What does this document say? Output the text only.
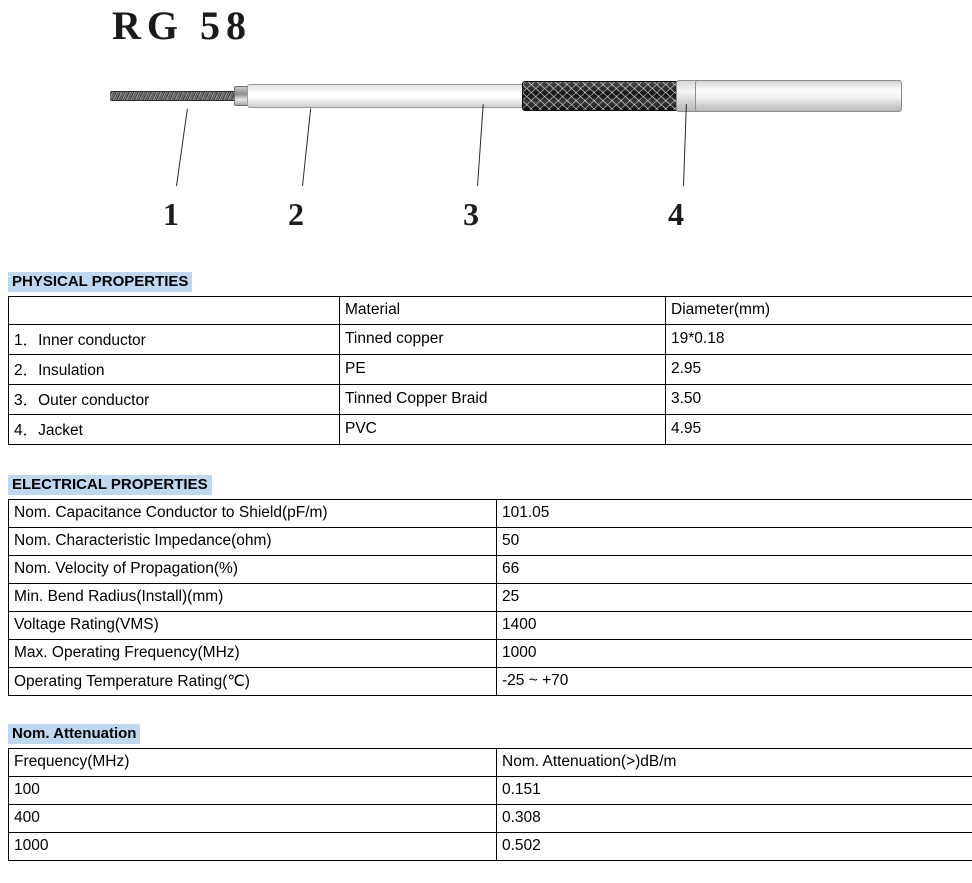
RG 58
1	2	3	4
PHYSICAL PROPERTIES
	Material	Diameter(mm)
1．Inner conductor	Tinned copper	19*0.18
2．Insulation	PE	2.95
3．Outer conductor	Tinned Copper Braid	3.50
4．Jacket	PVC	4.95
ELECTRICAL PROPERTIES
Nom. Capacitance Conductor to Shield(pF/m)	101.05
Nom. Characteristic Impedance(ohm)	50
Nom. Velocity of Propagation(%)	66
Min. Bend Radius(Install)(mm)	25
Voltage Rating(VMS)	1400
Max. Operating Frequency(MHz)	1000
Operating Temperature Rating(℃)	-25 ~ +70
Nom. Attenuation
Frequency(MHz)	Nom. Attenuation(>)dB/m
100	0.151
400	0.308
1000	0.502
